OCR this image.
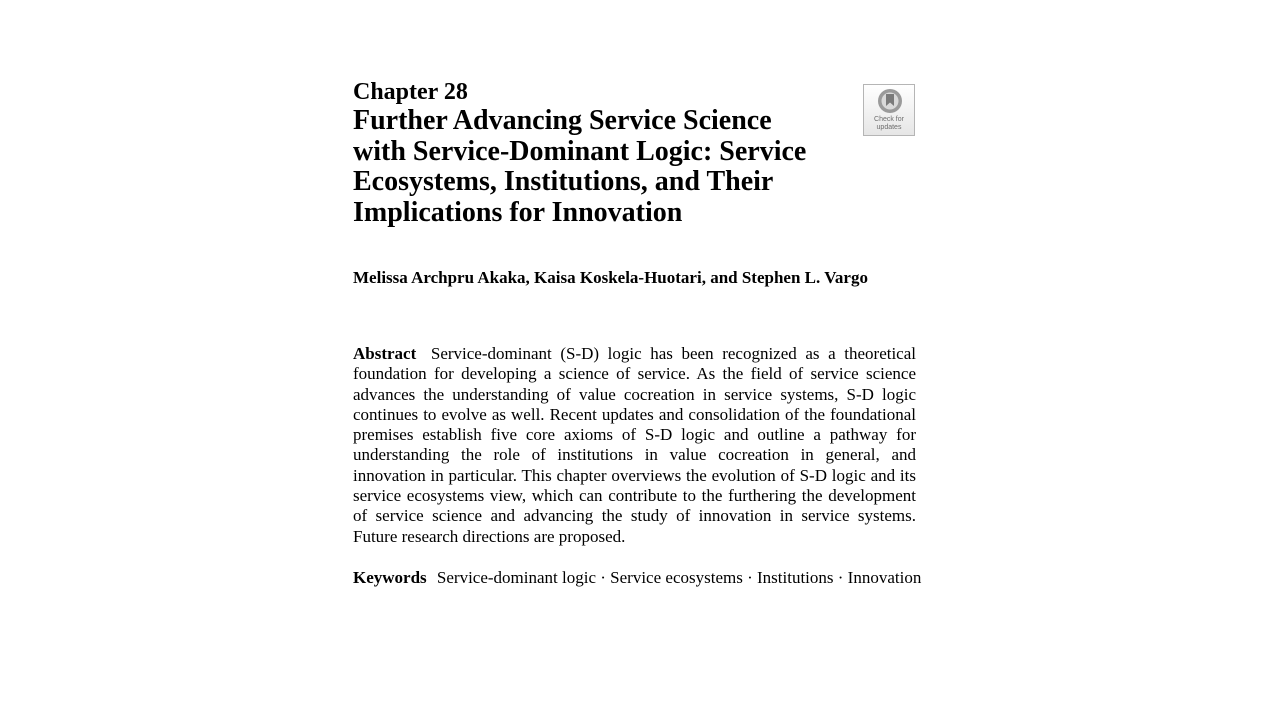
Chapter 28
Further Advancing Service Science with Service-Dominant Logic: Service Ecosystems, Institutions, and Their Implications for Innovation
Check for
updates
Melissa Archpru Akaka, Kaisa Koskela-Huotari, and Stephen L. Vargo

Abstract Service-dominant (S-D) logic has been recognized as a theoretical foundation for developing a science of service. As the field of service science advances the understanding of value cocreation in service systems, S-D logic continues to evolve as well. Recent updates and consolidation of the foundational premises establish five core axioms of S-D logic and outline a pathway for understanding the role of institutions in value cocreation in general, and innovation in particular. This chapter overviews the evolution of S-D logic and its service ecosystems view, which can contribute to the furthering the development of service science and advancing the study of innovation in service systems. Future research directions are proposed.

Keywords Service-dominant logic · Service ecosystems · Institutions · Innovation
